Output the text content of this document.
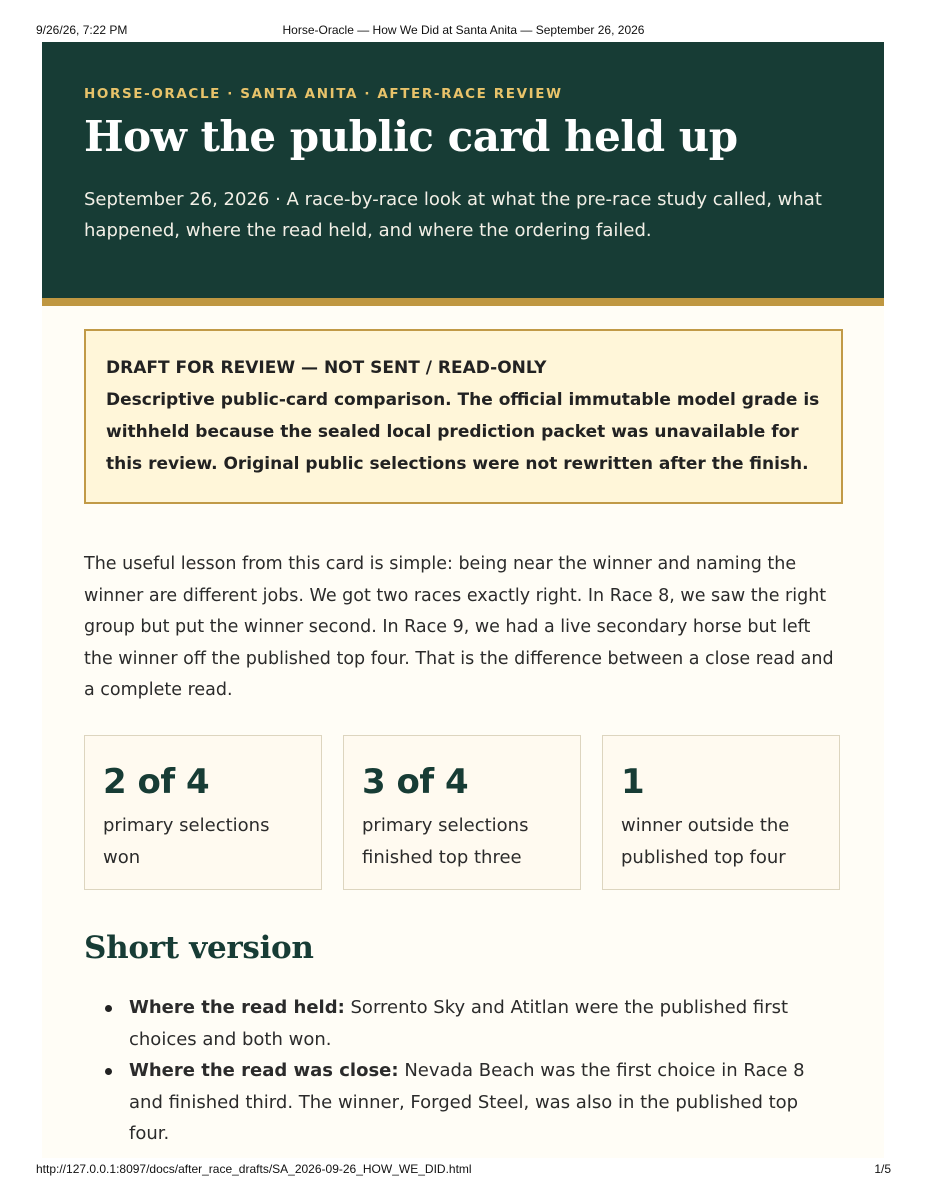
9/26/26, 7:22 PM	Horse-Oracle — How We Did at Santa Anita — September 26, 2026
HORSE-ORACLE · SANTA ANITA · AFTER-RACE REVIEW
How the public card held up

September 26, 2026 · A race-by-race look at what the pre-race study called, what happened, where the read held, and where the ordering failed.

DRAFT FOR REVIEW — NOT SENT / READ-ONLY
Descriptive public-card comparison. The official immutable model grade is withheld because the sealed local prediction packet was unavailable for this review. Original public selections were not rewritten after the finish.

The useful lesson from this card is simple: being near the winner and naming the winner are different jobs. We got two races exactly right. In Race 8, we saw the right group but put the winner second. In Race 9, we had a live secondary horse but left the winner off the published top four. That is the difference between a close read and a complete read.

2 of 4
primary selections won
3 of 4
primary selections finished top three
1
winner outside the published top four
Short version
Where the read held: Sorrento Sky and Atitlan were the published first choices and both won.
Where the read was close: Nevada Beach was the first choice in Race 8 and finished third. The winner, Forged Steel, was also in the published top four.
http://127.0.0.1:8097/docs/after_race_drafts/SA_2026-09-26_HOW_WE_DID.html	1/5
